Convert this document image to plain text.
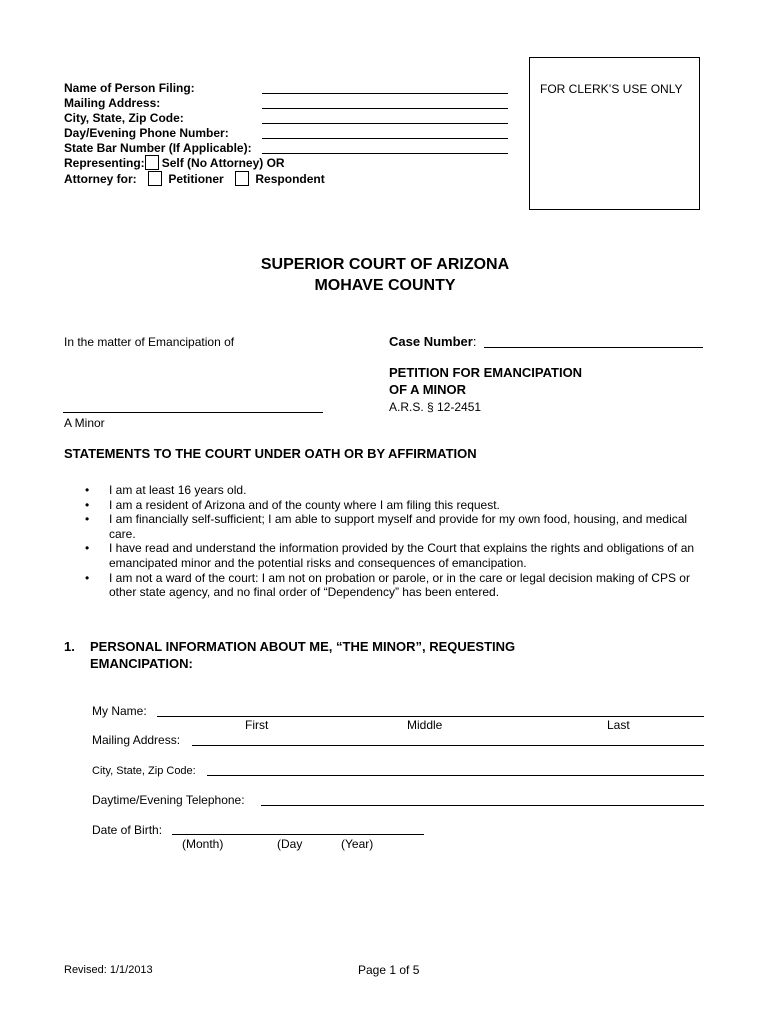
Name of Person Filing:
Mailing Address:
City, State, Zip Code:
Day/Evening Phone Number:
State Bar Number (If Applicable):
Representing: Self (No Attorney) OR
Attorney for:	Petitioner	Respondent
FOR CLERK’S USE ONLY
SUPERIOR COURT OF ARIZONA
MOHAVE COUNTY
In the matter of Emancipation of
A Minor
Case Number:
PETITION FOR EMANCIPATION
OF A MINOR
A.R.S. § 12-2451
STATEMENTS TO THE COURT UNDER OATH OR BY AFFIRMATION
• I am at least 16 years old.
• I am a resident of Arizona and of the county where I am filing this request.
• I am financially self-sufficient; I am able to support myself and provide for my own food, housing, and medical care.
• I have read and understand the information provided by the Court that explains the rights and obligations of an emancipated minor and the potential risks and consequences of emancipation.
• I am not a ward of the court: I am not on probation or parole, or in the care or legal decision making of CPS or other state agency, and no final order of “Dependency” has been entered.
1. PERSONAL INFORMATION ABOUT ME, “THE MINOR”, REQUESTING
EMANCIPATION:
My Name:
First	Middle	Last
Mailing Address:
City, State, Zip Code:
Daytime/Evening Telephone:
Date of Birth:
(Month)	(Day	(Year)
Revised: 1/1/2013	Page 1 of 5
